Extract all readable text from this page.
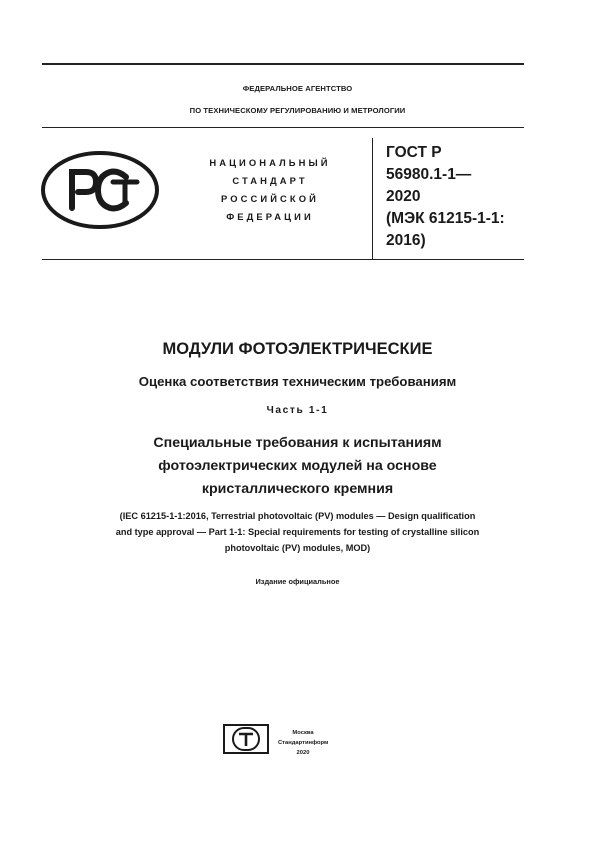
ФЕДЕРАЛЬНОЕ АГЕНТСТВО
ПО ТЕХНИЧЕСКОМУ РЕГУЛИРОВАНИЮ И МЕТРОЛОГИИ
НАЦИОНАЛЬНЫЙ
СТАНДАРТ
РОССИЙСКОЙ
ФЕДЕРАЦИИ
ГОСТ Р
56980.1-1—
2020
(МЭК 61215-1-1:
2016)
МОДУЛИ ФОТОЭЛЕКТРИЧЕСКИЕ
Оценка соответствия техническим требованиям
Часть 1-1
Специальные требования к испытаниям
фотоэлектрических модулей на основе
кристаллического кремния
(IEC 61215-1-1:2016, Terrestrial photovoltaic (PV) modules — Design qualification
and type approval — Part 1-1: Special requirements for testing of crystalline silicon
photovoltaic (PV) modules, MOD)
Издание официальное
Москва
Стандартинформ
2020
